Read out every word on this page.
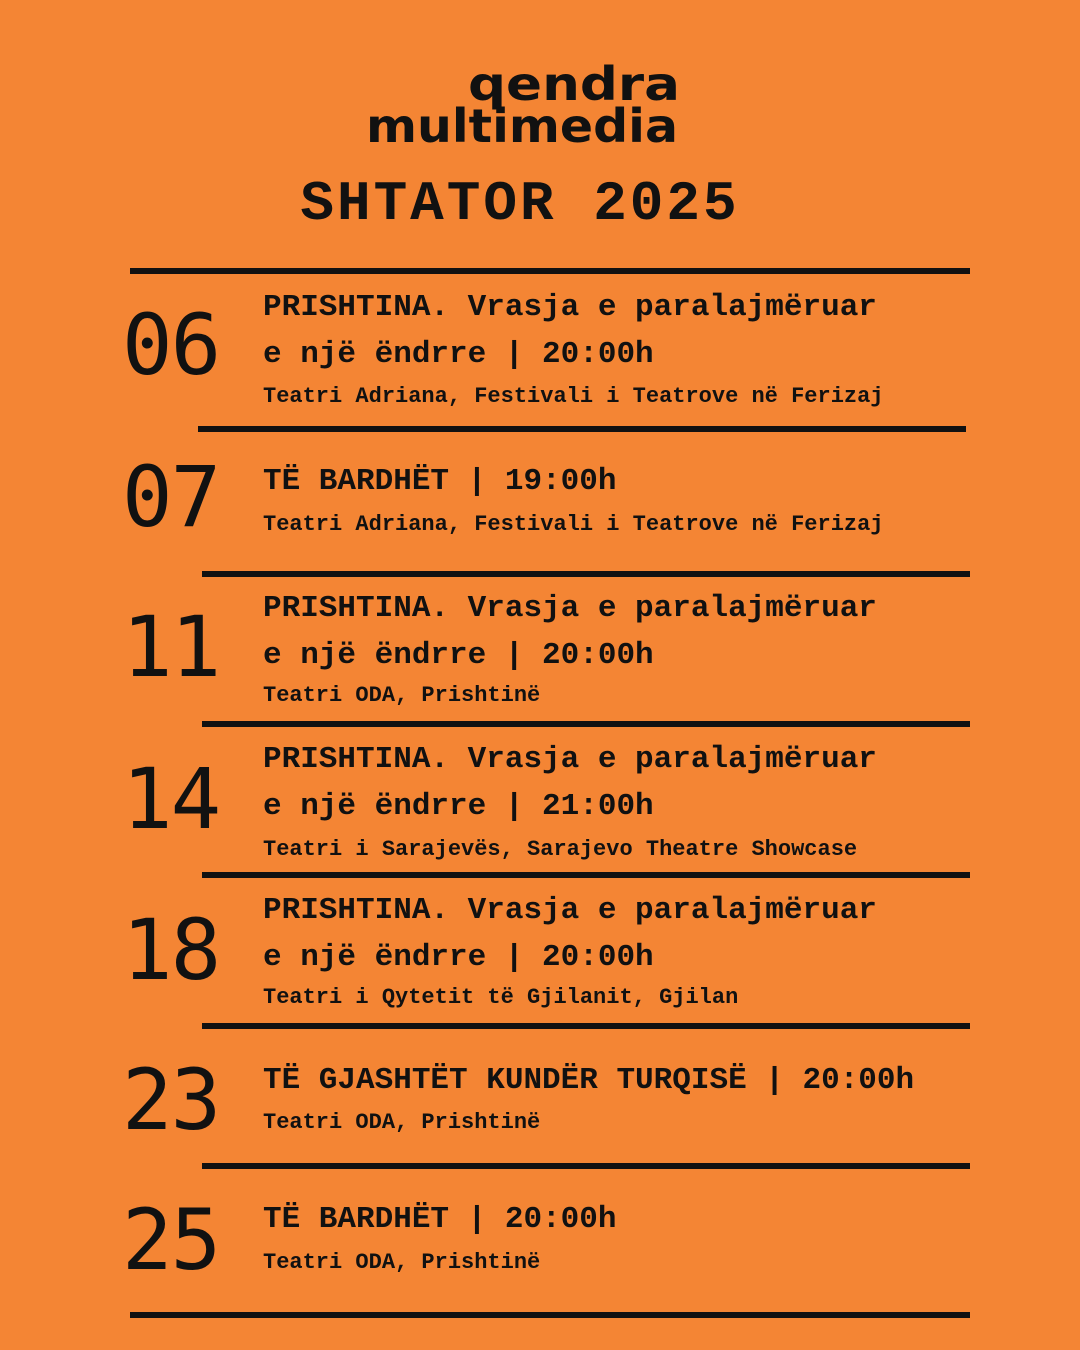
qendra
multimedia
SHTATOR 2025
06	PRISHTINA. Vrasja e paralajmëruar
e një ëndrre | 20:00h
Teatri Adriana, Festivali i Teatrove në Ferizaj
07	TË BARDHËT | 19:00h
Teatri Adriana, Festivali i Teatrove në Ferizaj
11	PRISHTINA. Vrasja e paralajmëruar
e një ëndrre | 20:00h
Teatri ODA, Prishtinë
14	PRISHTINA. Vrasja e paralajmëruar
e një ëndrre | 21:00h
Teatri i Sarajevës, Sarajevo Theatre Showcase
18	PRISHTINA. Vrasja e paralajmëruar
e një ëndrre | 20:00h
Teatri i Qytetit të Gjilanit, Gjilan
23	TË GJASHTËT KUNDËR TURQISË | 20:00h
Teatri ODA, Prishtinë
25	TË BARDHËT | 20:00h
Teatri ODA, Prishtinë
